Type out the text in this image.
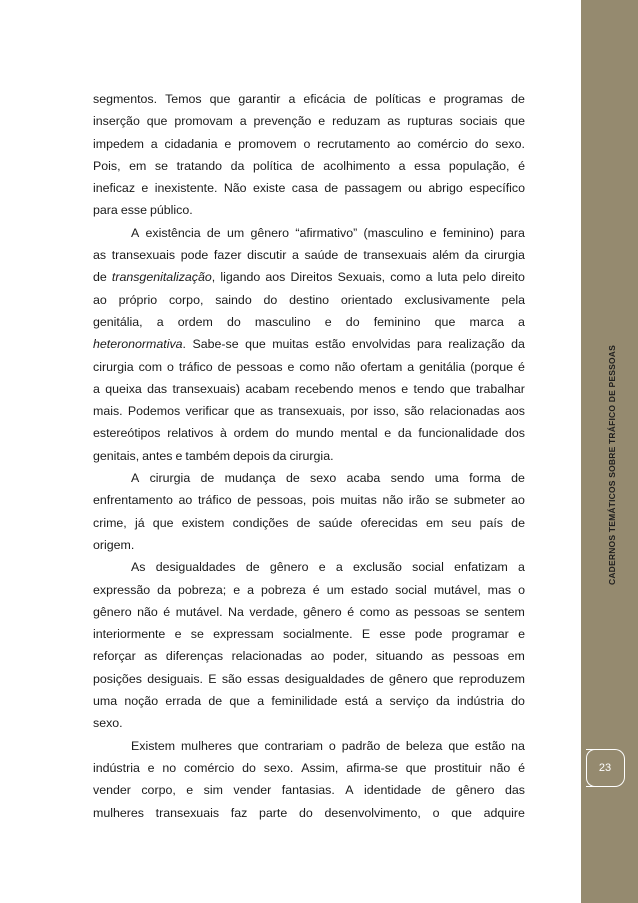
segmentos. Temos que garantir a eficácia de políticas e programas de
inserção que promovam a prevenção e reduzam as rupturas sociais que
impedem a cidadania e promovem o recrutamento ao comércio do sexo.
Pois, em se tratando da política de acolhimento a essa população, é
ineficaz e inexistente. Não existe casa de passagem ou abrigo específico
para esse público.
A existência de um gênero “afirmativo” (masculino e feminino) para
as transexuais pode fazer discutir a saúde de transexuais além da cirurgia
de transgenitalização, ligando aos Direitos Sexuais, como a luta pelo direito
ao próprio corpo, saindo do destino orientado exclusivamente pela
genitália, a ordem do masculino e do feminino que marca a
heteronormativa. Sabe-se que muitas estão envolvidas para realização da
cirurgia com o tráfico de pessoas e como não ofertam a genitália (porque é
a queixa das transexuais) acabam recebendo menos e tendo que trabalhar
mais. Podemos verificar que as transexuais, por isso, são relacionadas aos
estereótipos relativos à ordem do mundo mental e da funcionalidade dos
genitais, antes e também depois da cirurgia.
A cirurgia de mudança de sexo acaba sendo uma forma de
enfrentamento ao tráfico de pessoas, pois muitas não irão se submeter ao
crime, já que existem condições de saúde oferecidas em seu país de
origem.
As desigualdades de gênero e a exclusão social enfatizam a
expressão da pobreza; e a pobreza é um estado social mutável, mas o
gênero não é mutável. Na verdade, gênero é como as pessoas se sentem
interiormente e se expressam socialmente. E esse pode programar e
reforçar as diferenças relacionadas ao poder, situando as pessoas em
posições desiguais. E são essas desigualdades de gênero que reproduzem
uma noção errada de que a feminilidade está a serviço da indústria do
sexo.
Existem mulheres que contrariam o padrão de beleza que estão na
indústria e no comércio do sexo. Assim, afirma-se que prostituir não é
vender corpo, e sim vender fantasias. A identidade de gênero das
mulheres transexuais faz parte do desenvolvimento, o que adquire
CADERNOS TEMÁTICOS SOBRE TRÁFICO DE PESSOAS
23
